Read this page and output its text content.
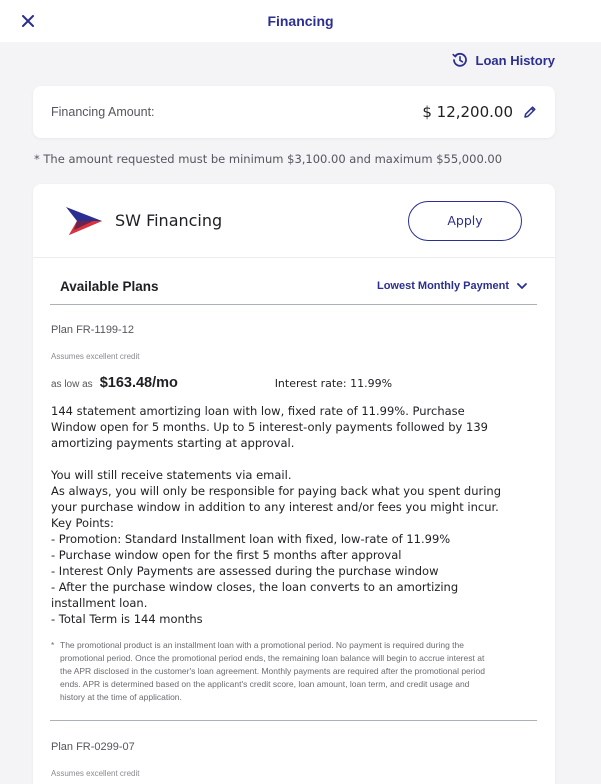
Financing
Loan History
Financing Amount:	$ 12,200.00
* The amount requested must be minimum $3,100.00 and maximum $55,000.00
SW Financing	Apply
Available Plans	Lowest Monthly Payment
Plan FR-1199-12
Assumes excellent credit
as low as $163.48/mo	Interest rate: 11.99%
144 statement amortizing loan with low, fixed rate of 11.99%. Purchase Window open for 5 months. Up to 5 interest-only payments followed by 139 amortizing payments starting at approval.

You will still receive statements via email.
As always, you will only be responsible for paying back what you spent during your purchase window in addition to any interest and/or fees you might incur.
Key Points:
- Promotion: Standard Installment loan with fixed, low-rate of 11.99%
- Purchase window open for the first 5 months after approval
- Interest Only Payments are assessed during the purchase window
- After the purchase window closes, the loan converts to an amortizing installment loan.
- Total Term is 144 months
* The promotional product is an installment loan with a promotional period. No payment is required during the promotional period. Once the promotional period ends, the remaining loan balance will begin to accrue interest at the APR disclosed in the customer's loan agreement. Monthly payments are required after the promotional period ends. APR is determined based on the applicant's credit score, loan amount, loan term, and credit usage and history at the time of application.
Plan FR-0299-07
Assumes excellent credit
